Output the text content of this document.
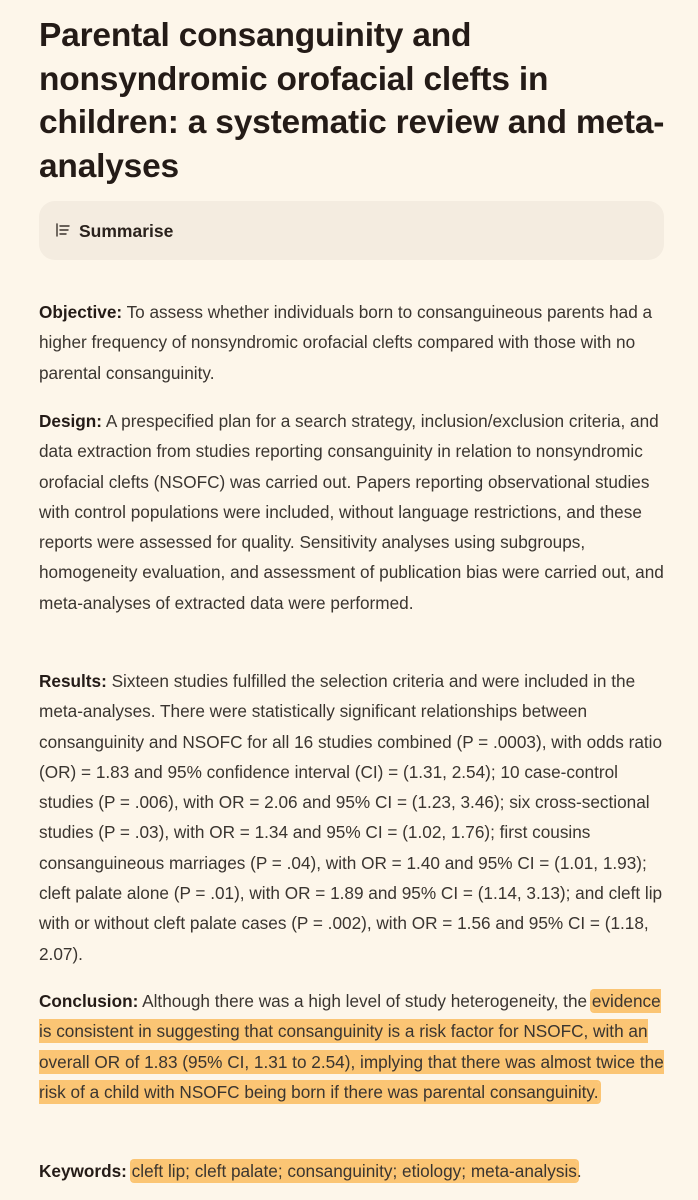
Parental consanguinity and nonsyndromic orofacial clefts in children: a systematic review and meta-analyses
Summarise

Objective: To assess whether individuals born to consanguineous parents had a higher frequency of nonsyndromic orofacial clefts compared with those with no parental consanguinity.

Design: A prespecified plan for a search strategy, inclusion/exclusion criteria, and data extraction from studies reporting consanguinity in relation to nonsyndromic orofacial clefts (NSOFC) was carried out. Papers reporting observational studies with control populations were included, without language restrictions, and these reports were assessed for quality. Sensitivity analyses using subgroups, homogeneity evaluation, and assessment of publication bias were carried out, and meta-analyses of extracted data were performed.

Results: Sixteen studies fulfilled the selection criteria and were included in the meta-analyses. There were statistically significant relationships between consanguinity and NSOFC for all 16 studies combined (P = .0003), with odds ratio (OR) = 1.83 and 95% confidence interval (CI) = (1.31, 2.54); 10 case-control studies (P = .006), with OR = 2.06 and 95% CI = (1.23, 3.46); six cross-sectional studies (P = .03), with OR = 1.34 and 95% CI = (1.02, 1.76); first cousins consanguineous marriages (P = .04), with OR = 1.40 and 95% CI = (1.01, 1.93); cleft palate alone (P = .01), with OR = 1.89 and 95% CI = (1.14, 3.13); and cleft lip with or without cleft palate cases (P = .002), with OR = 1.56 and 95% CI = (1.18, 2.07).

Conclusion: Although there was a high level of study heterogeneity, the evidence is consistent in suggesting that consanguinity is a risk factor for NSOFC, with an overall OR of 1.83 (95% CI, 1.31 to 2.54), implying that there was almost twice the risk of a child with NSOFC being born if there was parental consanguinity.

Keywords: cleft lip; cleft palate; consanguinity; etiology; meta-analysis.
